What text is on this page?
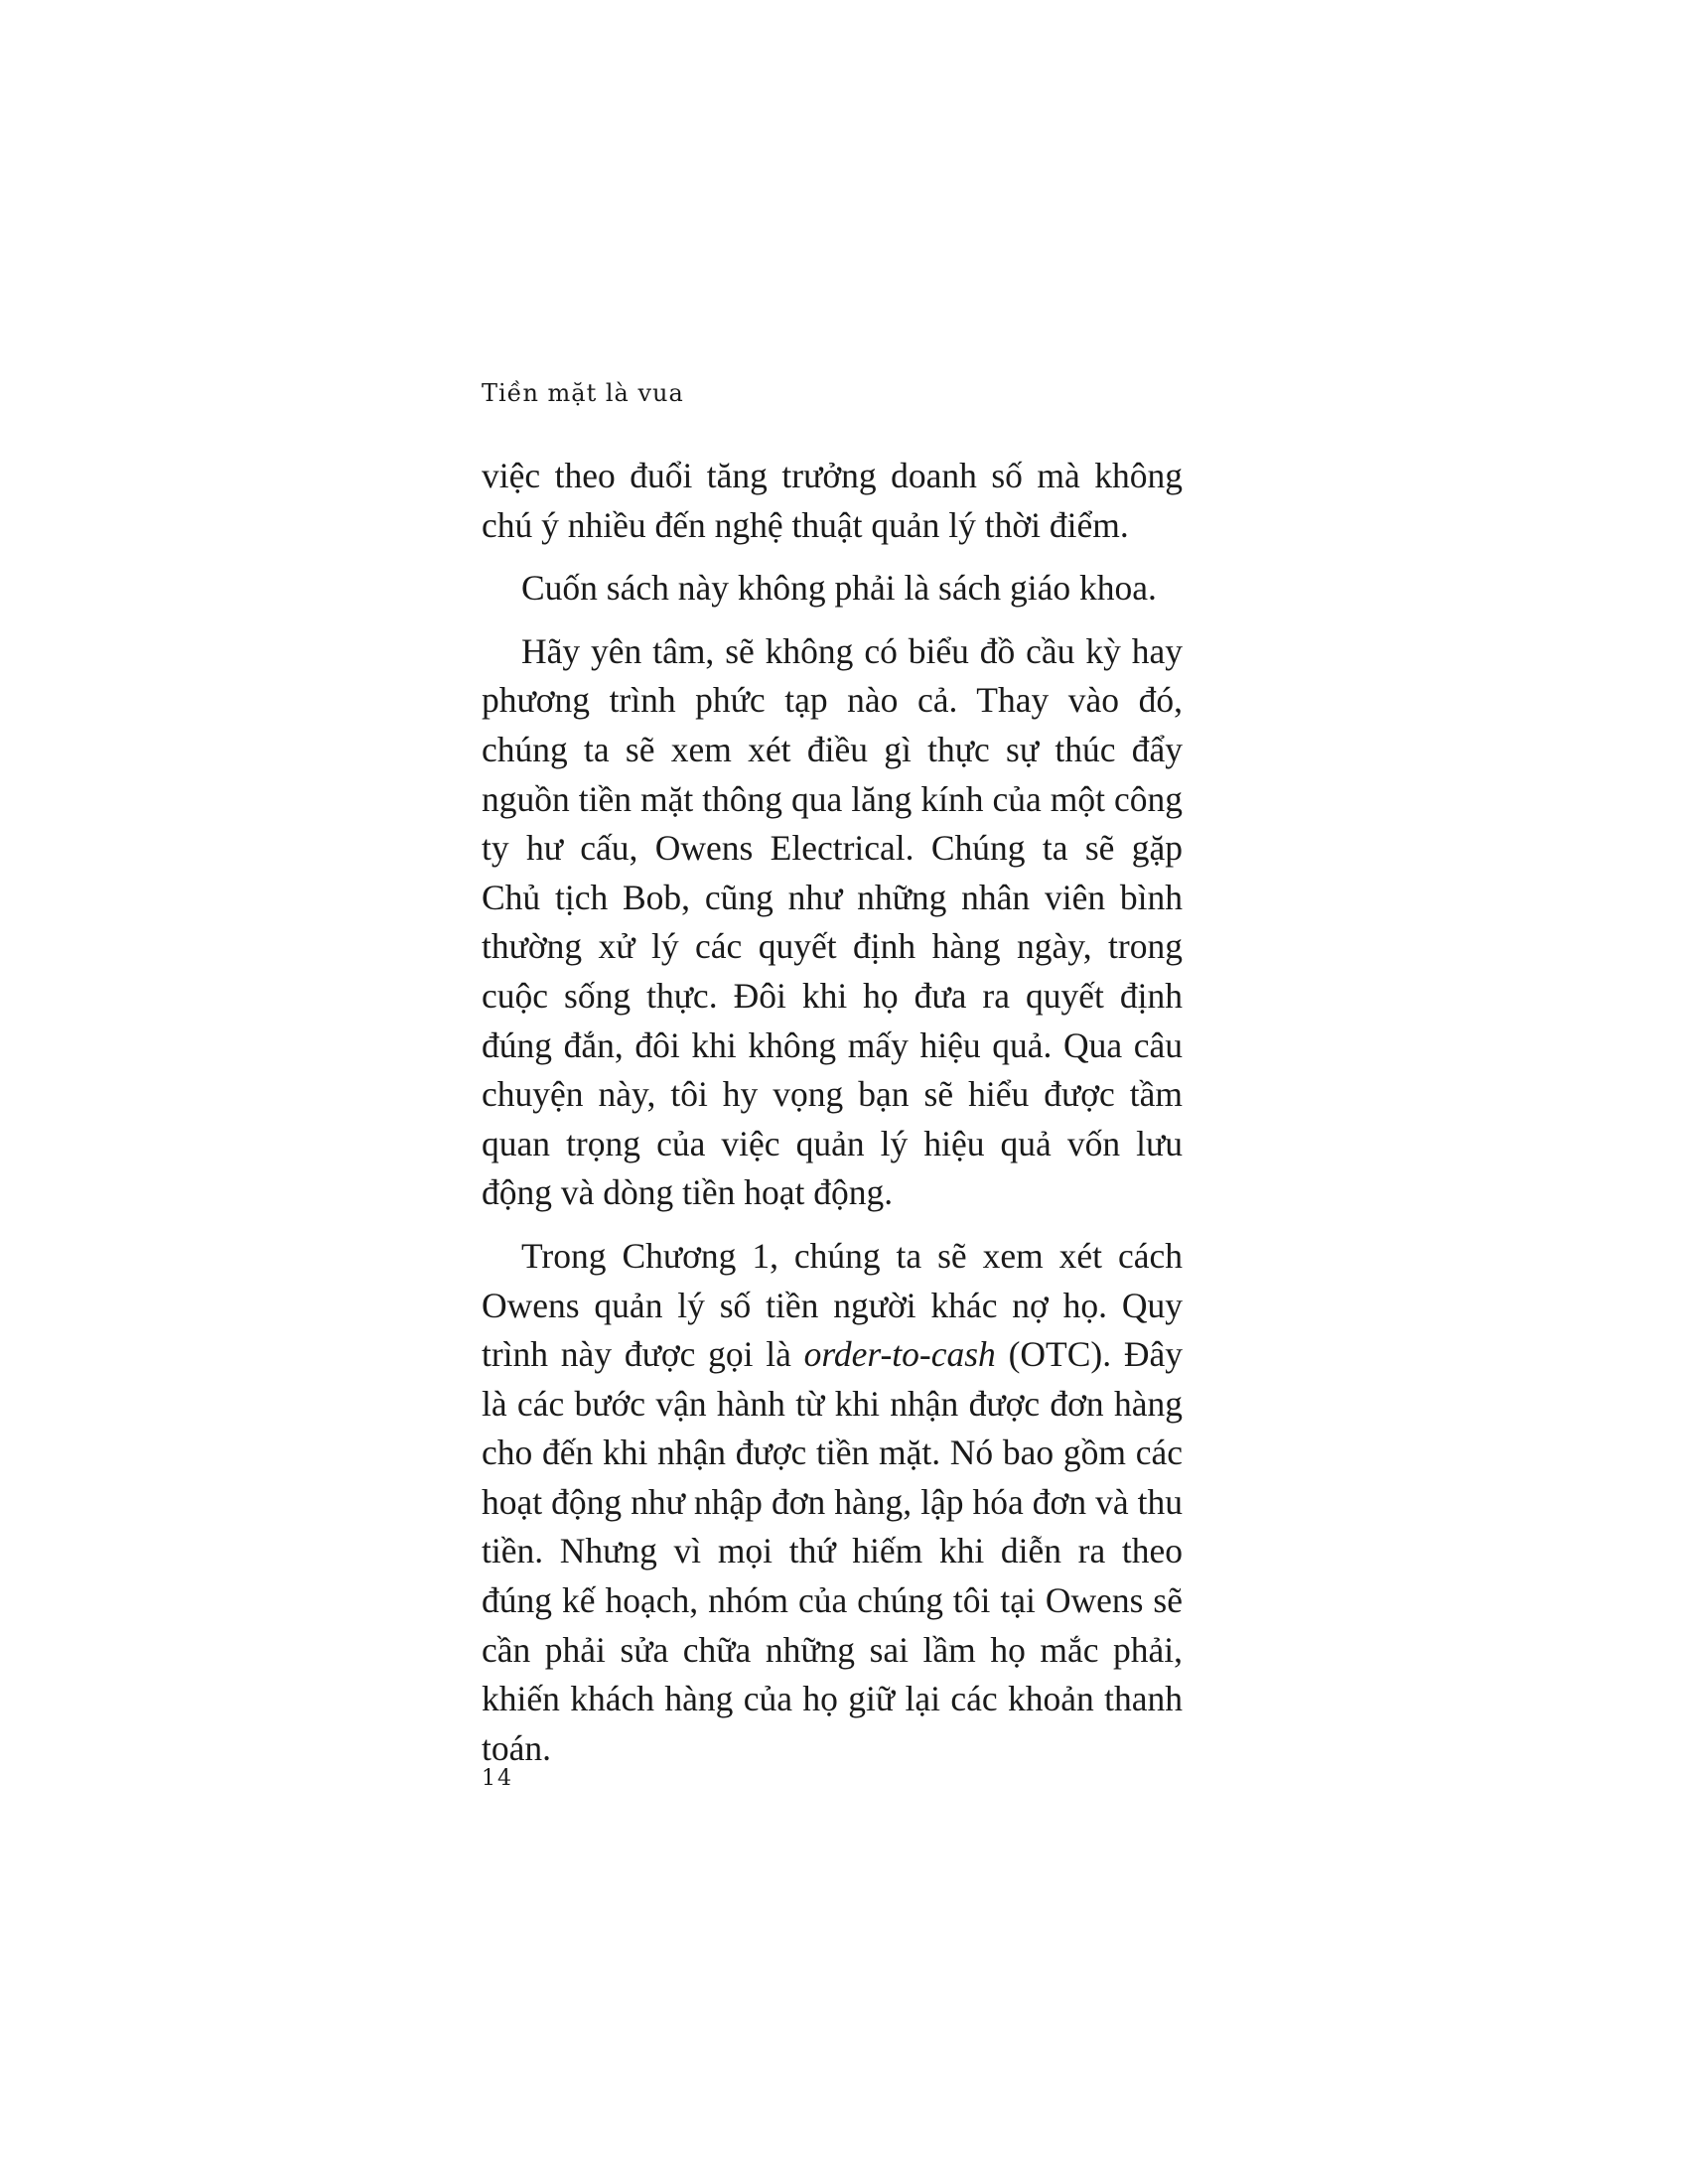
Tiền mặt là vua

việc theo đuổi tăng trưởng doanh số mà không chú ý nhiều đến nghệ thuật quản lý thời điểm.

Cuốn sách này không phải là sách giáo khoa.

Hãy yên tâm, sẽ không có biểu đồ cầu kỳ hay phương trình phức tạp nào cả. Thay vào đó, chúng ta sẽ xem xét điều gì thực sự thúc đẩy nguồn tiền mặt thông qua lăng kính của một công ty hư cấu, Owens Electrical. Chúng ta sẽ gặp Chủ tịch Bob, cũng như những nhân viên bình thường xử lý các quyết định hàng ngày, trong cuộc sống thực. Đôi khi họ đưa ra quyết định đúng đắn, đôi khi không mấy hiệu quả. Qua câu chuyện này, tôi hy vọng bạn sẽ hiểu được tầm quan trọng của việc quản lý hiệu quả vốn lưu động và dòng tiền hoạt động.

Trong Chương 1, chúng ta sẽ xem xét cách Owens quản lý số tiền người khác nợ họ. Quy trình này được gọi là order-to-cash (OTC). Đây là các bước vận hành từ khi nhận được đơn hàng cho đến khi nhận được tiền mặt. Nó bao gồm các hoạt động như nhập đơn hàng, lập hóa đơn và thu tiền. Nhưng vì mọi thứ hiếm khi diễn ra theo đúng kế hoạch, nhóm của chúng tôi tại Owens sẽ cần phải sửa chữa những sai lầm họ mắc phải, khiến khách hàng của họ giữ lại các khoản thanh toán.

14
